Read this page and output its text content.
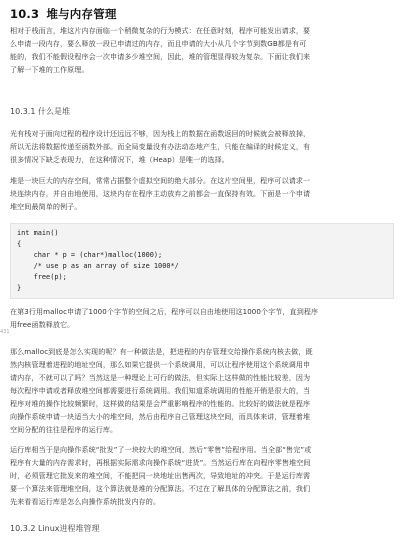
10.3 堆与内存管理

相对于栈而言，堆这片内存面临一个稍微复杂的行为模式：在任意时刻，程序可能发出请求，要

么申请一段内存，要么释放一段已申请过的内存，而且申请的大小从几个字节到数GB都是有可

能的，我们不能假设程序会一次申请多少堆空间，因此，堆的管理显得较为复杂。下面让我们来

了解一下堆的工作原理。

10.3.1 什么是堆

光有栈对于面向过程的程序设计还远远不够，因为栈上的数据在函数返回的时候就会被释放掉，

所以无法将数据传递至函数外部。而全局变量没有办法动态地产生，只能在编译的时候定义，有

很多情况下缺乏表现力，在这种情况下，堆（Heap）是唯一的选择。

堆是一块巨大的内存空间，常常占据整个虚拟空间的绝大部分。在这片空间里，程序可以请求一

块连续内存，并自由地使用，这块内存在程序主动放弃之前都会一直保持有效。下面是一个申请

堆空间最简单的例子。

int main()
{
char * p = (char*)malloc(1000);
/* use p as an array of size 1000*/
free(p);
}

在第3行用malloc申请了1000个字节的空间之后，程序可以自由地使用这1000个字节，直到程序

用free函数释放它。

431

那么malloc到底是怎么实现的呢？有一种做法是，把进程的内存管理交给操作系统内核去做，既

然内核管理着进程的地址空间，那么如果它提供一个系统调用，可以让程序使用这个系统调用申

请内存，不就可以了吗？当然这是一种理论上可行的做法，但实际上这样做的性能比较差，因为

每次程序申请或者释放堆空间都需要进行系统调用。我们知道系统调用的性能开销是很大的，当

程序对堆的操作比较频繁时，这样做的结果是会严重影响程序的性能的。比较好的做法就是程序

向操作系统申请一块适当大小的堆空间，然后由程序自己管理这块空间，而具体来讲，管理着堆

空间分配的往往是程序的运行库。

运行库相当于是向操作系统“批发”了一块较大的堆空间，然后“零售”给程序用。当全部“售完”或

程序有大量的内存需求时，再根据实际需求向操作系统“进货”。当然运行库在向程序零售堆空间

时，必须管理它批发来的堆空间，不能把同一块地址出售两次，导致地址的冲突。于是运行库需

要一个算法来管理堆空间，这个算法就是堆的分配算法。不过在了解具体的分配算法之前，我们

先来看看运行库是怎么向操作系统批发内存的。

10.3.2 Linux进程堆管理
